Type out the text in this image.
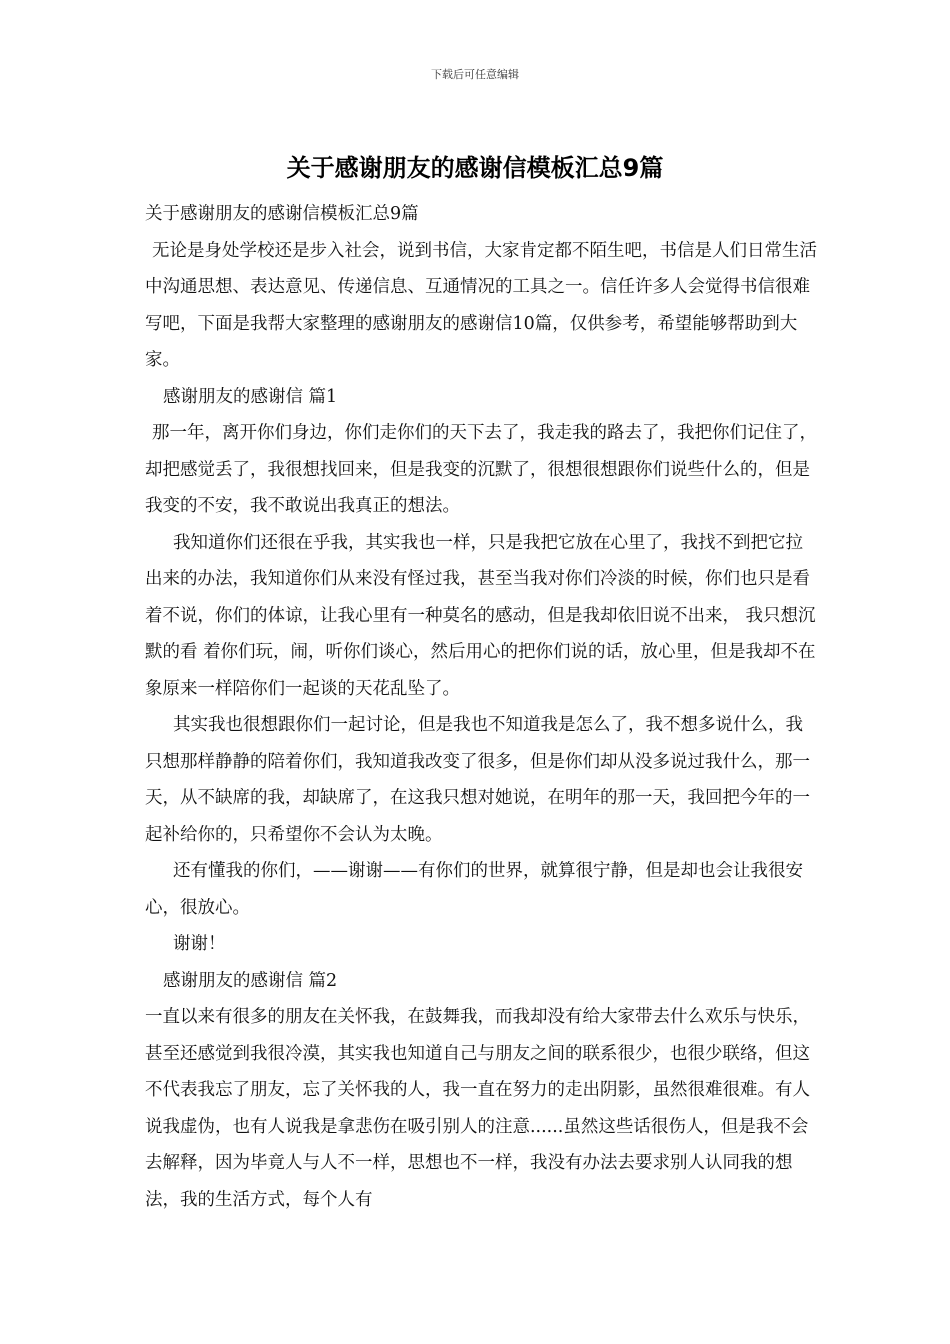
下载后可任意编辑
关于感谢朋友的感谢信模板汇总9篇

关于感谢朋友的感谢信模板汇总9篇

无论是身处学校还是步入社会，说到书信，大家肯定都不陌生吧，书信是人们日常生活中沟通思想、表达意见、传递信息、互通情况的工具之一。信任许多人会觉得书信很难写吧，下面是我帮大家整理的感谢朋友的感谢信10篇，仅供参考，希望能够帮助到大家。

感谢朋友的感谢信 篇1

那一年，离开你们身边，你们走你们的天下去了，我走我的路去了，我把你们记住了，却把感觉丢了，我很想找回来，但是我变的沉默了，很想很想跟你们说些什么的，但是我变的不安，我不敢说出我真正的想法。

我知道你们还很在乎我，其实我也一样，只是我把它放在心里了，我找不到把它拉出来的办法，我知道你们从来没有怪过我，甚至当我对你们冷淡的时候，你们也只是看着不说，你们的体谅，让我心里有一种莫名的感动，但是我却依旧说不出来， 我只想沉默的看 着你们玩，闹，听你们谈心，然后用心的把你们说的话，放心里，但是我却不在象原来一样陪你们一起谈的天花乱坠了。

其实我也很想跟你们一起讨论，但是我也不知道我是怎么了，我不想多说什么，我只想那样静静的陪着你们，我知道我改变了很多，但是你们却从没多说过我什么，那一天，从不缺席的我，却缺席了，在这我只想对她说，在明年的那一天，我回把今年的一起补给你的，只希望你不会认为太晚。

还有懂我的你们，——谢谢——有你们的世界，就算很宁静，但是却也会让我很安心，很放心。

谢谢！

感谢朋友的感谢信 篇2

一直以来有很多的朋友在关怀我，在鼓舞我，而我却没有给大家带去什么欢乐与快乐，甚至还感觉到我很冷漠，其实我也知道自己与朋友之间的联系很少，也很少联络，但这不代表我忘了朋友，忘了关怀我的人，我一直在努力的走出阴影，虽然很难很难。有人说我虚伪，也有人说我是拿悲伤在吸引别人的注意......虽然这些话很伤人，但是我不会去解释，因为毕竟人与人不一样，思想也不一样，我没有办法去要求别人认同我的想法，我的生活方式，每个人有
